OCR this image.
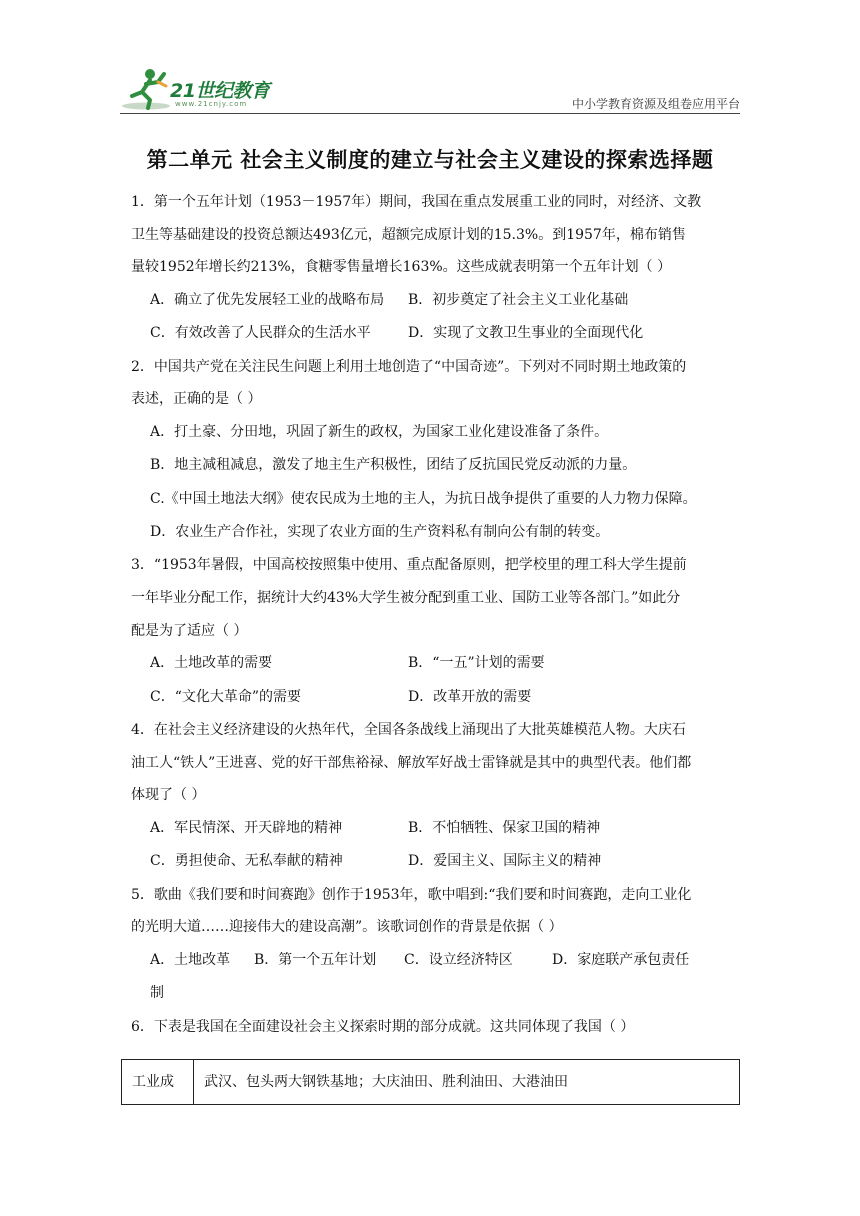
21世纪教育
www.21cnjy.com	中小学教育资源及组卷应用平台
第二单元 社会主义制度的建立与社会主义建设的探索选择题

1．第一个五年计划（1953－1957年）期间，我国在重点发展重工业的同时，对经济、文教

卫生等基础建设的投资总额达493亿元，超额完成原计划的15.3%。到1957年，棉布销售

量较1952年增长约213%，食糖零售量增长163%。这些成就表明第一个五年计划（ ）

A．确立了优先发展轻工业的战略布局	B．初步奠定了社会主义工业化基础
C．有效改善了人民群众的生活水平	D．实现了文教卫生事业的全面现代化

2．中国共产党在关注民生问题上利用土地创造了“中国奇迹”。下列对不同时期土地政策的

表述，正确的是（ ）

A．打土豪、分田地，巩固了新生的政权，为国家工业化建设准备了条件。

B．地主减租减息，激发了地主生产积极性，团结了反抗国民党反动派的力量。

C.《中国土地法大纲》使农民成为土地的主人，为抗日战争提供了重要的人力物力保障。

D．农业生产合作社，实现了农业方面的生产资料私有制向公有制的转变。

3．“1953年暑假，中国高校按照集中使用、重点配备原则，把学校里的理工科大学生提前

一年毕业分配工作，据统计大约43%大学生被分配到重工业、国防工业等各部门。”如此分

配是为了适应（ ）

A．土地改革的需要	B．“一五”计划的需要
C．“文化大革命”的需要	D．改革开放的需要

4．在社会主义经济建设的火热年代，全国各条战线上涌现出了大批英雄模范人物。大庆石

油工人“铁人”王进喜、党的好干部焦裕禄、解放军好战士雷锋就是其中的典型代表。他们都

体现了（ ）

A．军民情深、开天辟地的精神	B．不怕牺牲、保家卫国的精神
C．勇担使命、无私奉献的精神	D．爱国主义、国际主义的精神

5．歌曲《我们要和时间赛跑》创作于1953年，歌中唱到:“我们要和时间赛跑，走向工业化

的光明大道……迎接伟大的建设高潮”。该歌词创作的背景是依据（ ）

A．土地改革	B．第一个五年计划	C．设立经济特区	D．家庭联产承包责任

制

6．下表是我国在全面建设社会主义探索时期的部分成就。这共同体现了我国（ ）

工业成	武汉、包头两大钢铁基地；大庆油田、胜利油田、大港油田
